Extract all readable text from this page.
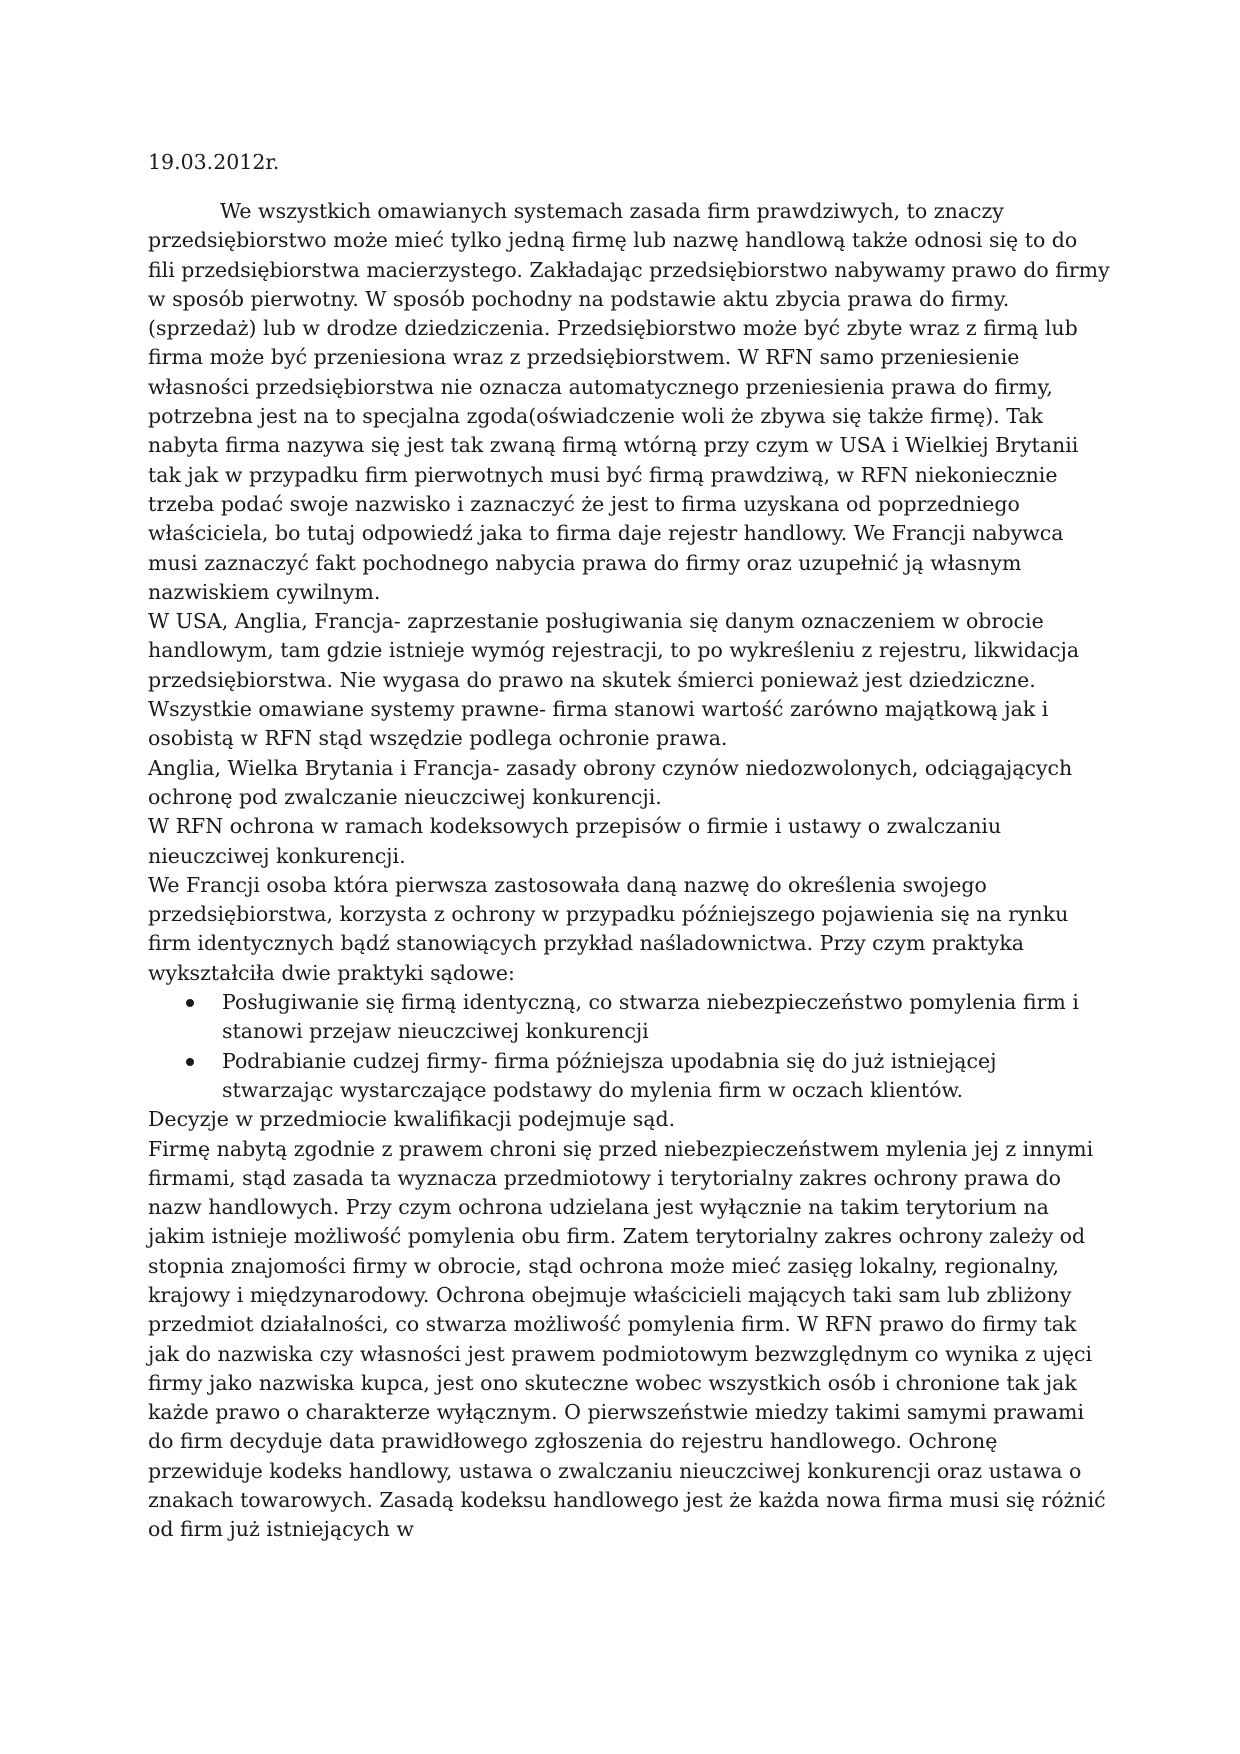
19.03.2012r.

We wszystkich omawianych systemach zasada firm prawdziwych, to znaczy przedsiębiorstwo może mieć tylko jedną firmę lub nazwę handlową także odnosi się to do fili przedsiębiorstwa macierzystego. Zakładając przedsiębiorstwo nabywamy prawo do firmy w sposób pierwotny. W sposób pochodny na podstawie aktu zbycia prawa do firmy.(sprzedaż) lub w drodze dziedziczenia. Przedsiębiorstwo może być zbyte wraz z firmą lub firma może być przeniesiona wraz z przedsiębiorstwem. W RFN samo przeniesienie własności przedsiębiorstwa nie oznacza automatycznego przeniesienia prawa do firmy, potrzebna jest na to specjalna zgoda(oświadczenie woli że zbywa się także firmę). Tak nabyta firma nazywa się jest tak zwaną firmą wtórną przy czym w USA i Wielkiej Brytanii tak jak w przypadku firm pierwotnych musi być firmą prawdziwą, w RFN niekoniecznie trzeba podać swoje nazwisko i zaznaczyć że jest to firma uzyskana od poprzedniego właściciela, bo tutaj odpowiedź jaka to firma daje rejestr handlowy. We Francji nabywca musi zaznaczyć fakt pochodnego nabycia prawa do firmy oraz uzupełnić ją własnym nazwiskiem cywilnym.

W USA, Anglia, Francja- zaprzestanie posługiwania się danym oznaczeniem w obrocie handlowym, tam gdzie istnieje wymóg rejestracji, to po wykreśleniu z rejestru, likwidacja przedsiębiorstwa. Nie wygasa do prawo na skutek śmierci ponieważ jest dziedziczne.

Wszystkie omawiane systemy prawne- firma stanowi wartość zarówno majątkową jak i osobistą w RFN stąd wszędzie podlega ochronie prawa.

Anglia, Wielka Brytania i Francja- zasady obrony czynów niedozwolonych, odciągających ochronę pod zwalczanie nieuczciwej konkurencji.

W RFN ochrona w ramach kodeksowych przepisów o firmie i ustawy o zwalczaniu nieuczciwej konkurencji.

We Francji osoba która pierwsza zastosowała daną nazwę do określenia swojego przedsiębiorstwa, korzysta z ochrony w przypadku późniejszego pojawienia się na rynku firm identycznych bądź stanowiących przykład naśladownictwa. Przy czym praktyka wykształciła dwie praktyki sądowe:

Posługiwanie się firmą identyczną, co stwarza niebezpieczeństwo pomylenia firm i stanowi przejaw nieuczciwej konkurencji
Podrabianie cudzej firmy- firma późniejsza upodabnia się do już istniejącej stwarzając wystarczające podstawy do mylenia firm w oczach klientów.

Decyzje w przedmiocie kwalifikacji podejmuje sąd.

Firmę nabytą zgodnie z prawem chroni się przed niebezpieczeństwem mylenia jej z innymi firmami, stąd zasada ta wyznacza przedmiotowy i terytorialny zakres ochrony prawa do nazw handlowych. Przy czym ochrona udzielana jest wyłącznie na takim terytorium na jakim istnieje możliwość pomylenia obu firm. Zatem terytorialny zakres ochrony zależy od stopnia znajomości firmy w obrocie, stąd ochrona może mieć zasięg lokalny, regionalny, krajowy i międzynarodowy. Ochrona obejmuje właścicieli mających taki sam lub zbliżony przedmiot działalności, co stwarza możliwość pomylenia firm. W RFN prawo do firmy tak jak do nazwiska czy własności jest prawem podmiotowym bezwzględnym co wynika z ujęci firmy jako nazwiska kupca, jest ono skuteczne wobec wszystkich osób i chronione tak jak każde prawo o charakterze wyłącznym. O pierwszeństwie miedzy takimi samymi prawami do firm decyduje data prawidłowego zgłoszenia do rejestru handlowego. Ochronę przewiduje kodeks handlowy, ustawa o zwalczaniu nieuczciwej konkurencji oraz ustawa o znakach towarowych. Zasadą kodeksu handlowego jest że każda nowa firma musi się różnić od firm już istniejących w
